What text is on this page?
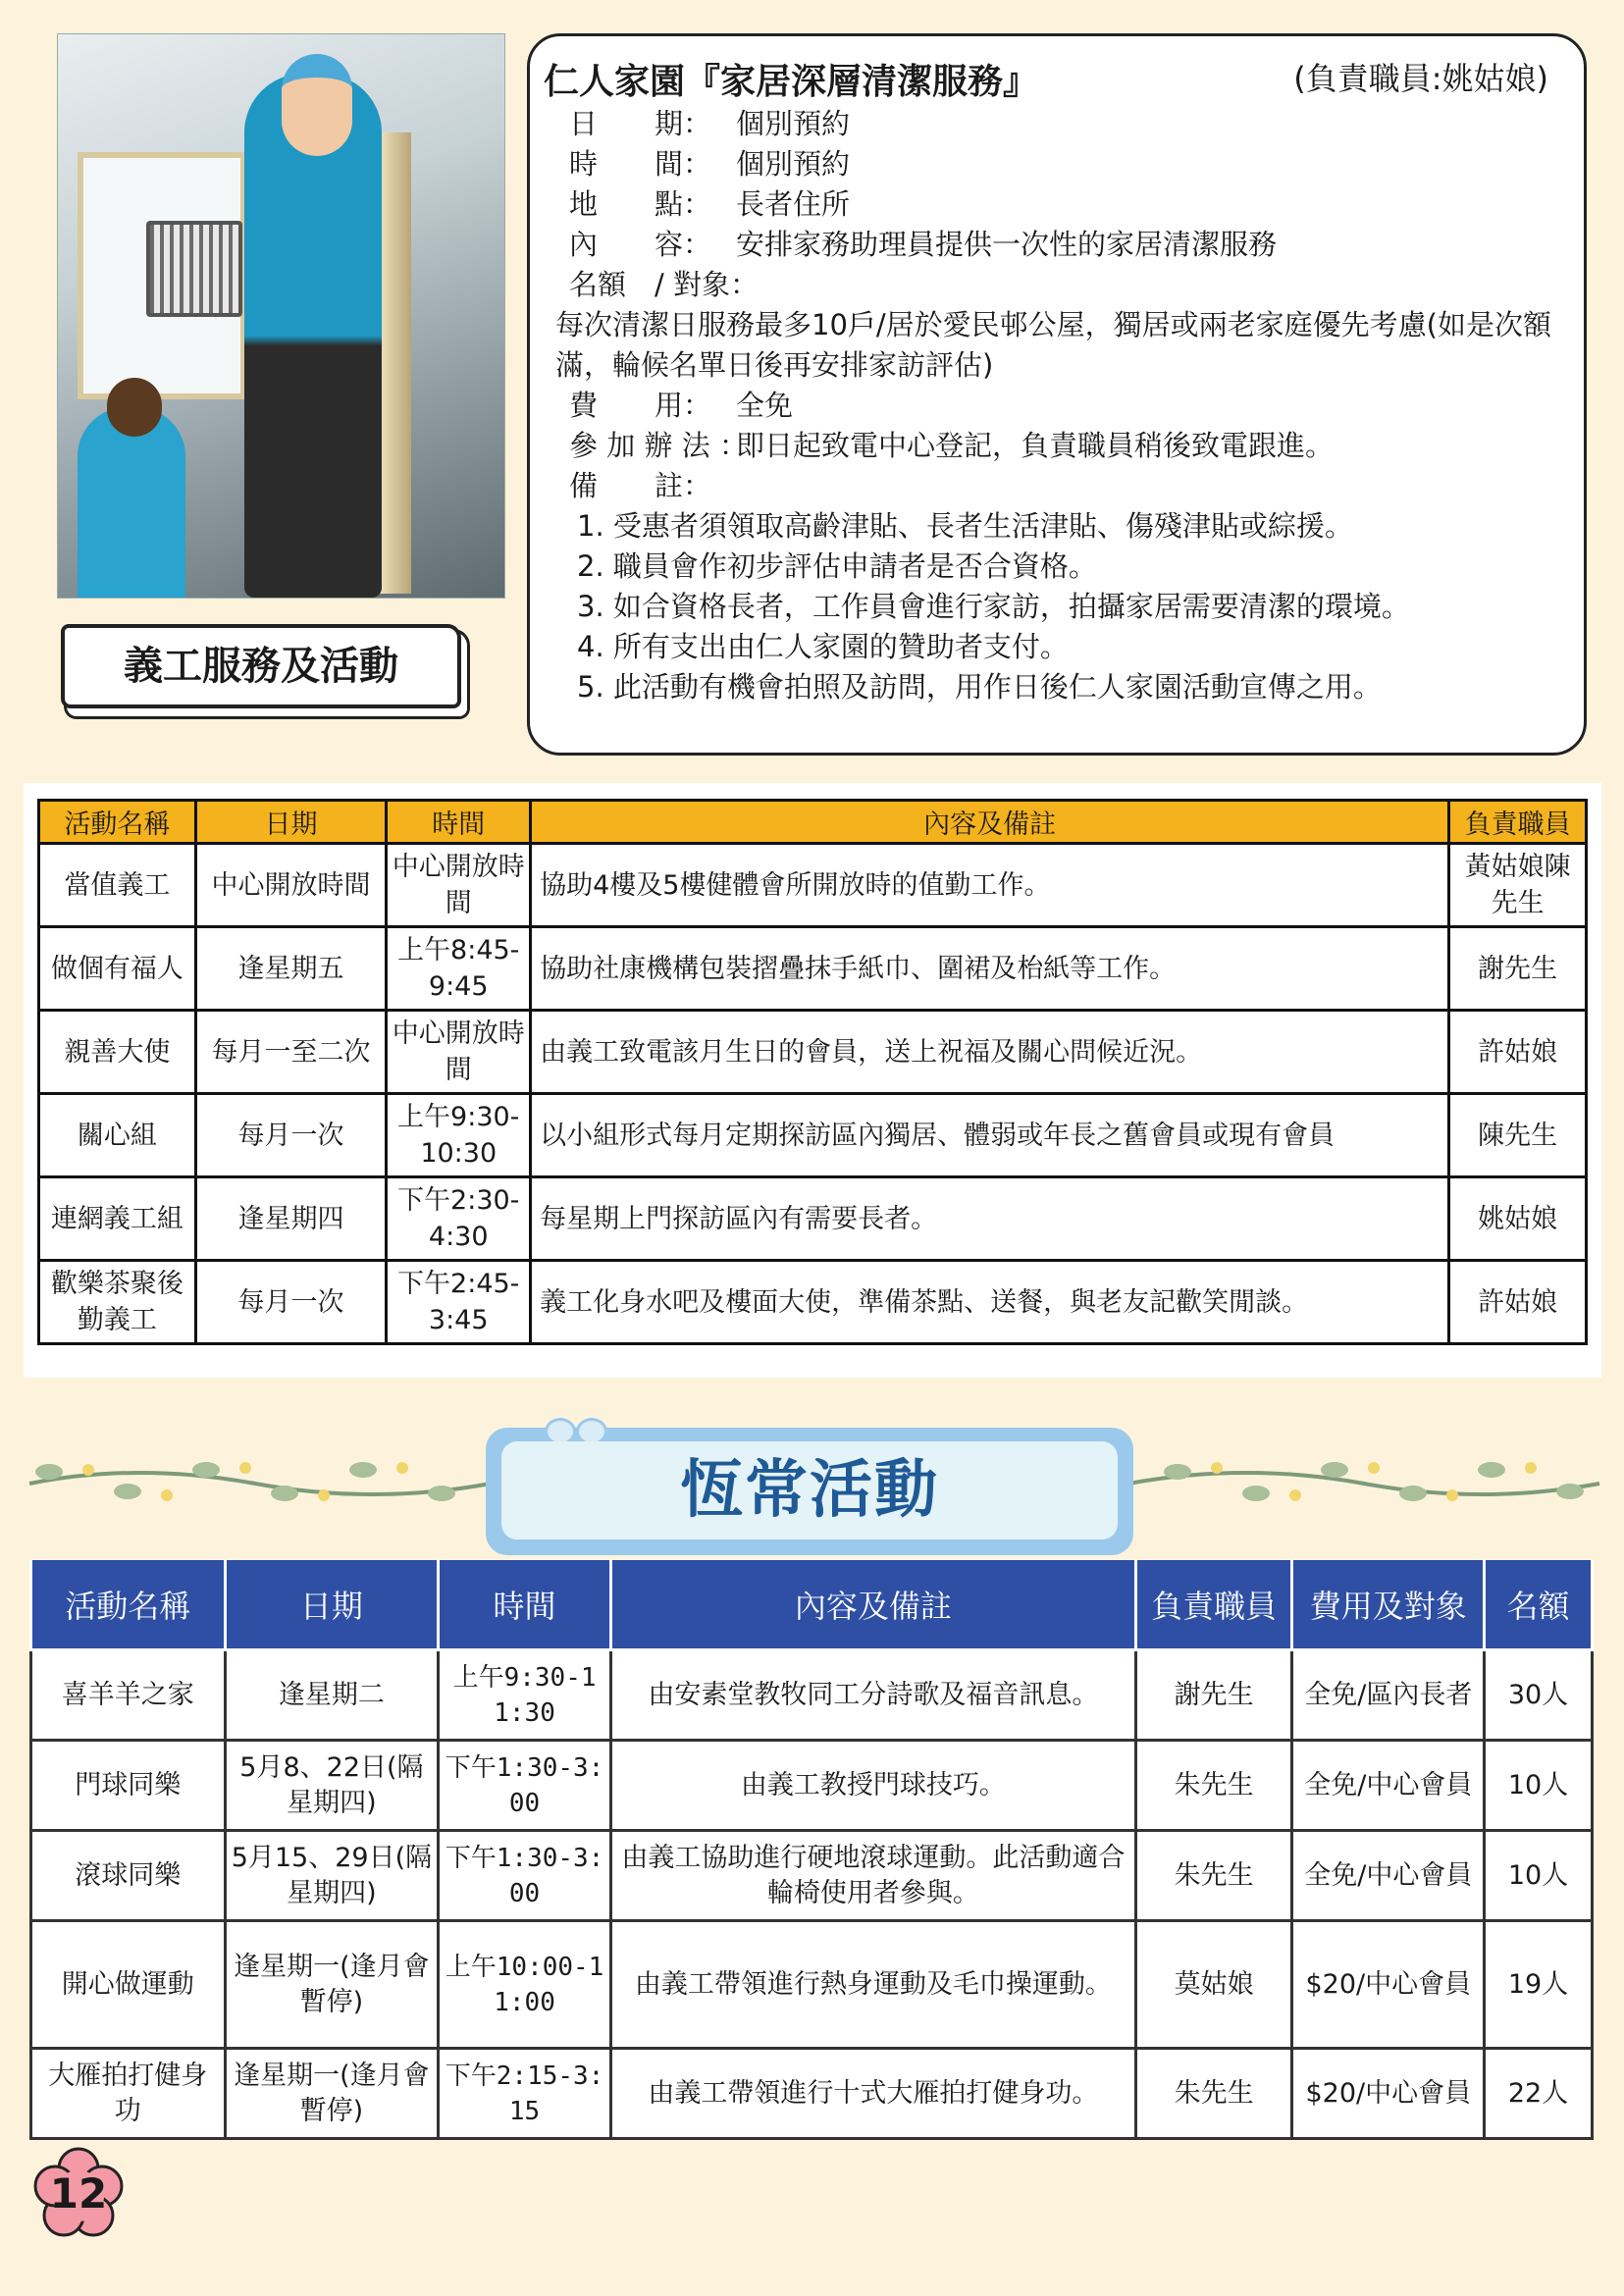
義工服務及活動
仁人家園『家居深層清潔服務』	(負責職員:姚姑娘)
日　　期： 個別預約
時　　間： 個別預約
地　　點： 長者住所
內　　容： 安排家務助理員提供一次性的家居清潔服務
名額　/ 對象：
每次清潔日服務最多10戶/居於愛民邨公屋，獨居或兩老家庭優先考慮(如是次額滿，輪候名單日後再安排家訪評估)
費　　用： 全免
參 加 辦 法 ：即日起致電中心登記，負責職員稍後致電跟進。
備　　註：
1. 受惠者須領取高齡津貼、長者生活津貼、傷殘津貼或綜援。
2. 職員會作初步評估申請者是否合資格。
3. 如合資格長者，工作員會進行家訪，拍攝家居需要清潔的環境。
4. 所有支出由仁人家園的贊助者支付。
5. 此活動有機會拍照及訪問，用作日後仁人家園活動宣傳之用。
活動名稱	日期	時間	內容及備註	負責職員
當值義工	中心開放時間	中心開放時間	協助4樓及5樓健體會所開放時的值勤工作。	黃姑娘陳先生
做個有福人	逢星期五	上午8:45-9:45	協助社康機構包裝摺疊抹手紙巾、圍裙及枱紙等工作。	謝先生
親善大使	每月一至二次	中心開放時間	由義工致電該月生日的會員，送上祝福及關心問候近況。	許姑娘
關心組	每月一次	上午9:30-10:30	以小組形式每月定期探訪區內獨居、體弱或年長之舊會員或現有會員	陳先生
連網義工組	逢星期四	下午2:30-4:30	每星期上門探訪區內有需要長者。	姚姑娘
歡樂茶聚後勤義工	每月一次	下午2:45-3:45	義工化身水吧及樓面大使，準備茶點、送餐，與老友記歡笑閒談。	許姑娘
恆常活動
活動名稱	日期	時間	內容及備註	負責職員	費用及對象	名額
喜羊羊之家	逢星期二	上午9:30-11:30	由安素堂教牧同工分詩歌及福音訊息。	謝先生	全免/區內長者	30人
門球同樂	5月8、22日(隔星期四)	下午1:30-3:00	由義工教授門球技巧。	朱先生	全免/中心會員	10人
滾球同樂	5月15、29日(隔星期四)	下午1:30-3:00	由義工協助進行硬地滾球運動。此活動適合輪椅使用者參與。	朱先生	全免/中心會員	10人
開心做運動	逢星期一(逢月會暫停)	上午10:00-11:00	由義工帶領進行熱身運動及毛巾操運動。	莫姑娘	$20/中心會員	19人
大雁拍打健身功	逢星期一(逢月會暫停)	下午2:15-3:15	由義工帶領進行十式大雁拍打健身功。	朱先生	$20/中心會員	22人
12
